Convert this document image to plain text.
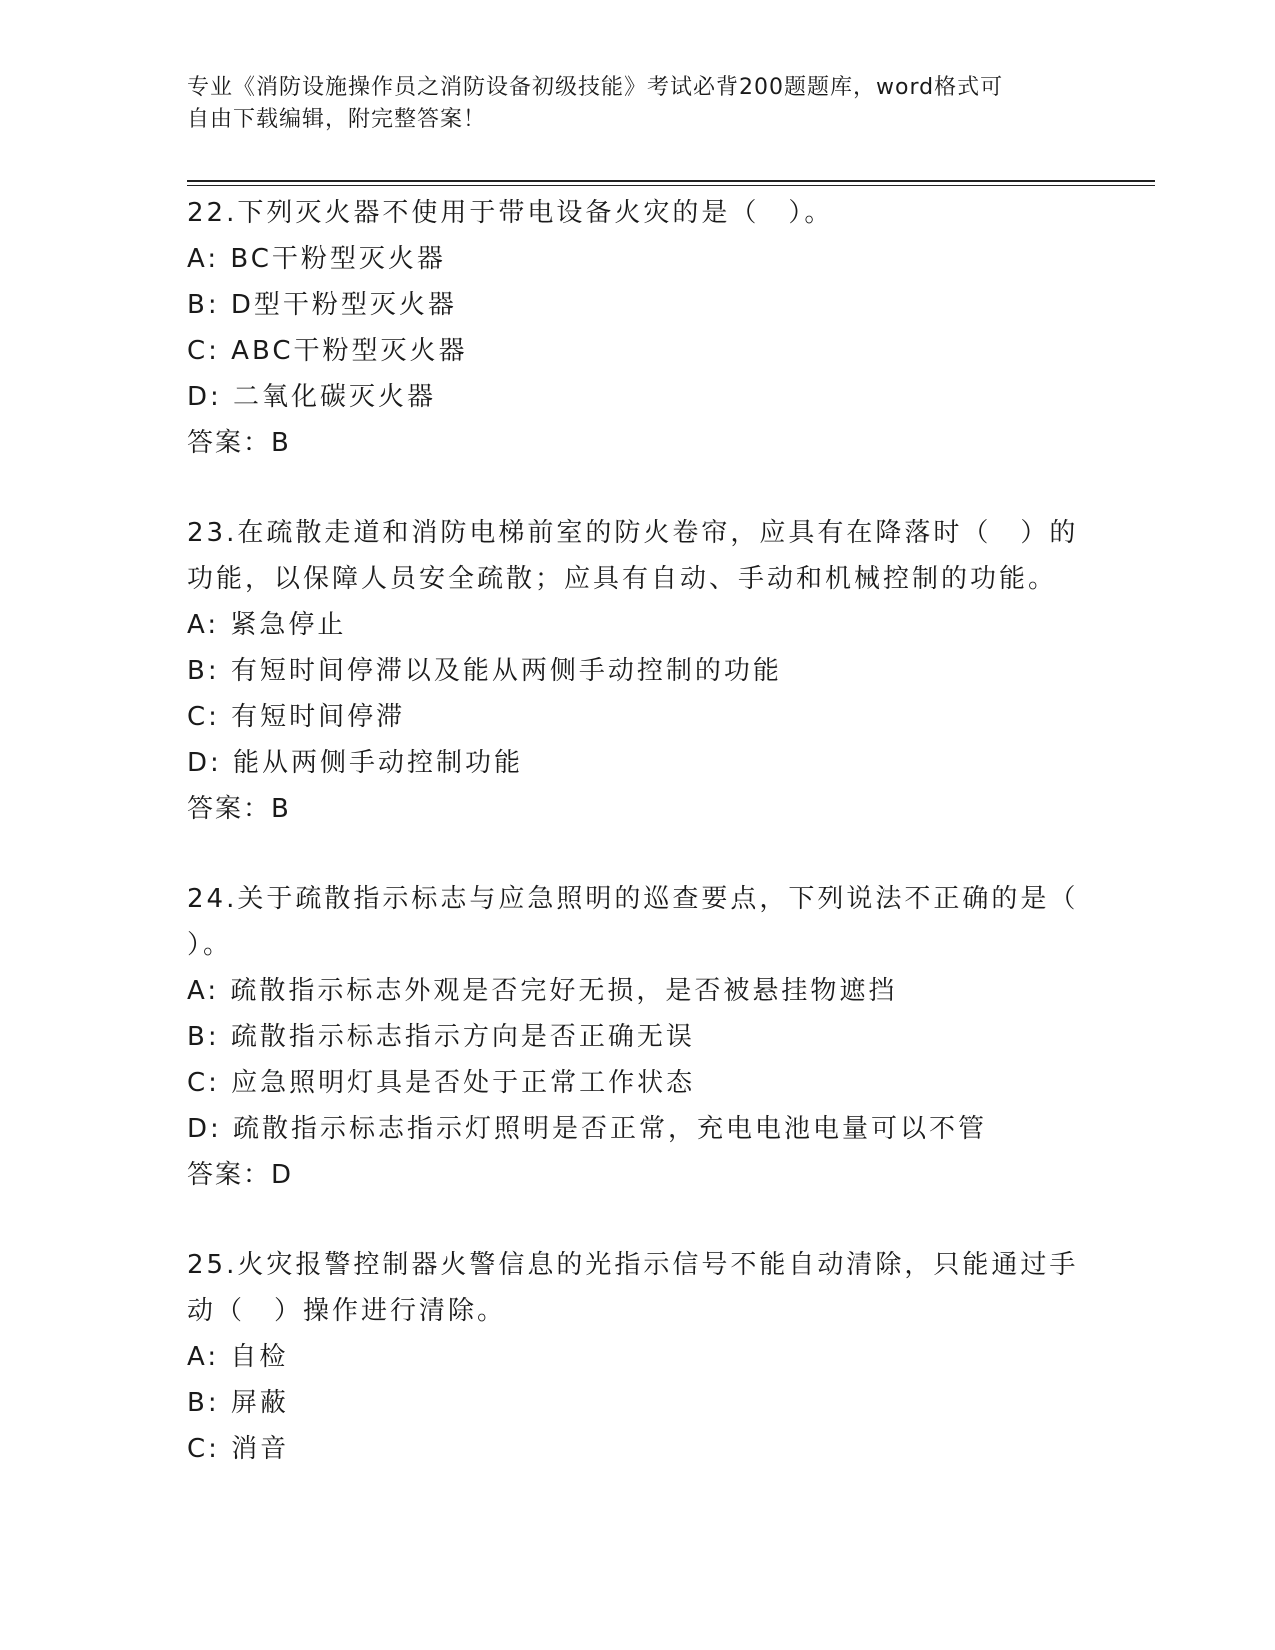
专业《消防设施操作员之消防设备初级技能》考试必背200题题库，word格式可
自由下载编辑，附完整答案！
22.下列灭火器不使用于带电设备火灾的是（　）。
A: BC干粉型灭火器
B: D型干粉型灭火器
C: ABC干粉型灭火器
D: 二氧化碳灭火器
答案：B
23.在疏散走道和消防电梯前室的防火卷帘，应具有在降落时（　）的
功能，以保障人员安全疏散；应具有自动、手动和机械控制的功能。
A: 紧急停止
B: 有短时间停滞以及能从两侧手动控制的功能
C: 有短时间停滞
D: 能从两侧手动控制功能
答案：B
24.关于疏散指示标志与应急照明的巡查要点，下列说法不正确的是（
）。
A: 疏散指示标志外观是否完好无损，是否被悬挂物遮挡
B: 疏散指示标志指示方向是否正确无误
C: 应急照明灯具是否处于正常工作状态
D: 疏散指示标志指示灯照明是否正常，充电电池电量可以不管
答案：D
25.火灾报警控制器火警信息的光指示信号不能自动清除，只能通过手
动（　）操作进行清除。
A: 自检
B: 屏蔽
C: 消音
